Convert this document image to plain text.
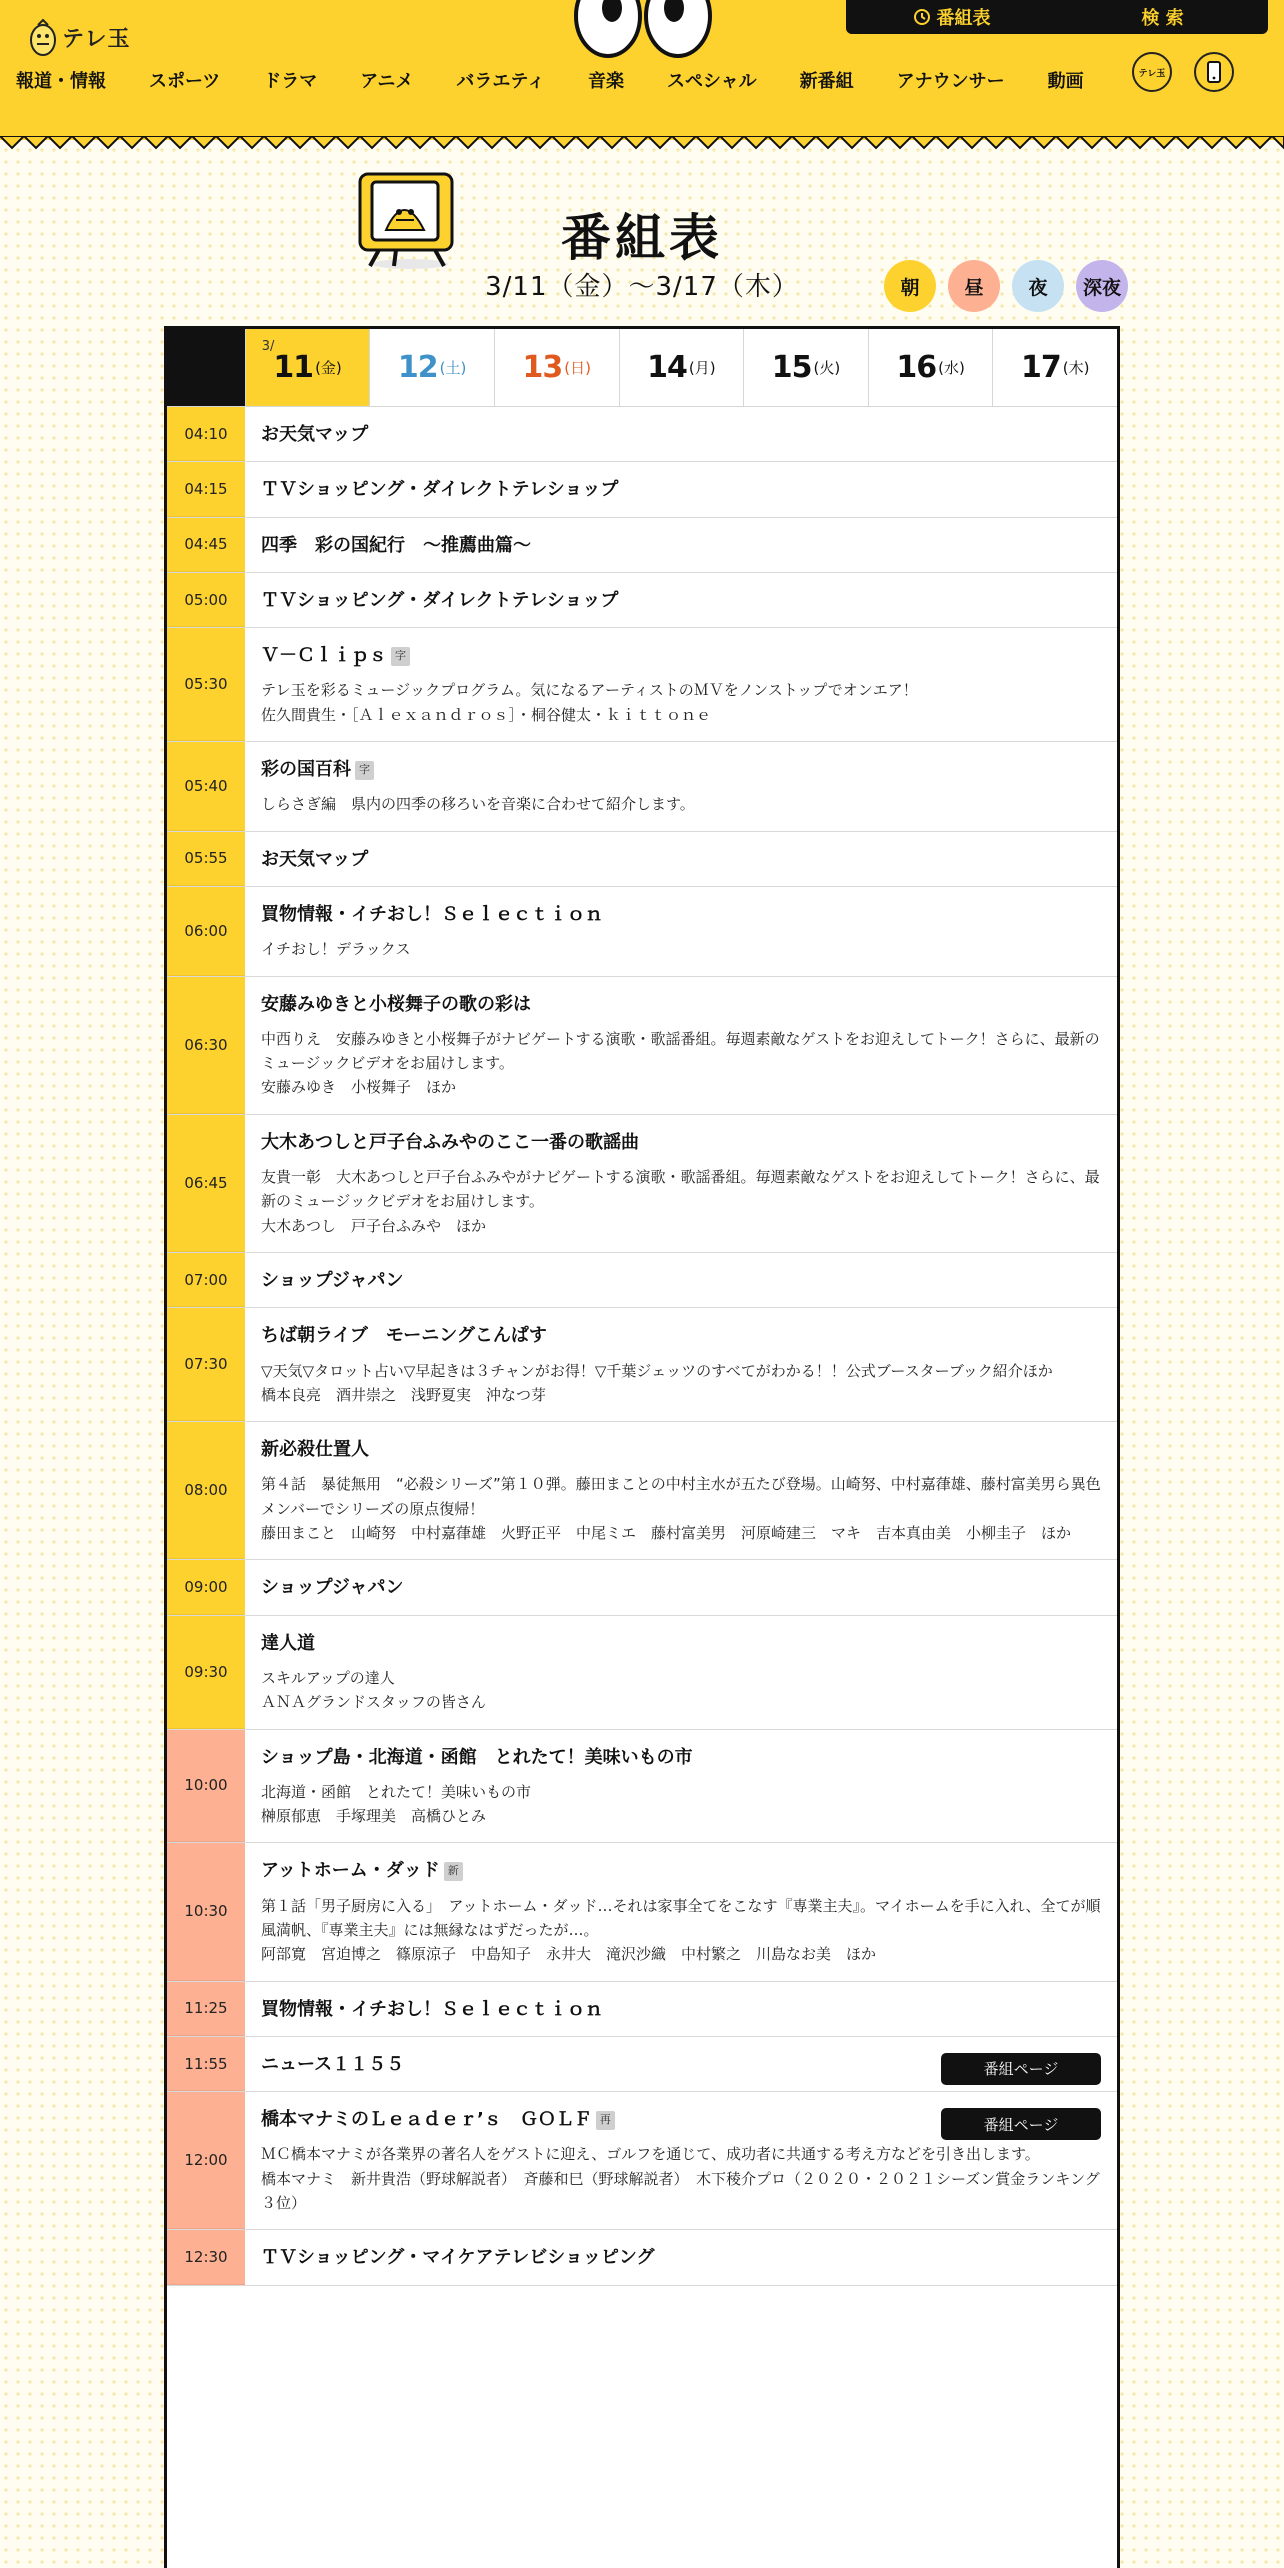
テレ玉
番組表	検 索
報道・情報 スポーツ ドラマ アニメ バラエティ 音楽 スペシャル 新番組 アナウンサー 動画	テレ玉
番組表
3/11（金）〜3/17（木）	朝	昼	夜	深夜
3/
11 (金) 12 (土) 13 (日) 14 (月) 15 (火) 16 (水) 17 (木)
04:10	お天気マップ
04:15	ＴＶショッピング・ダイレクトテレショップ
04:45	四季　彩の国紀行　～推薦曲篇～
05:00	ＴＶショッピング・ダイレクトテレショップ
05:30
Ｖ－Ｃｌｉｐｓ 字
テレ玉を彩るミュージックプログラム。気になるアーティストのＭＶをノンストップでオンエア！
佐久間貴生・［Ａｌｅｘａｎｄｒｏｓ］・桐谷健太・ｋｉｔｔｏｎｅ
05:40
彩の国百科 字
しらさぎ編　県内の四季の移ろいを音楽に合わせて紹介します。
05:55	お天気マップ
06:00
買物情報・イチおし！Ｓｅｌｅｃｔｉｏｎ
イチおし！デラックス
06:30
安藤みゆきと小桜舞子の歌の彩は
中西りえ　安藤みゆきと小桜舞子がナビゲートする演歌・歌謡番組。毎週素敵なゲストをお迎えしてトーク！さらに、最新のミュージックビデオをお届けします。
安藤みゆき　小桜舞子　ほか
06:45
大木あつしと戸子台ふみやのここ一番の歌謡曲
友貴一彰　大木あつしと戸子台ふみやがナビゲートする演歌・歌謡番組。毎週素敵なゲストをお迎えしてトーク！さらに、最新のミュージックビデオをお届けします。
大木あつし　戸子台ふみや　ほか
07:00	ショップジャパン
07:30
ちば朝ライブ　モーニングこんぱす
▽天気▽タロット占い▽早起きは３チャンがお得！▽千葉ジェッツのすべてがわかる！！公式ブースターブック紹介ほか
橋本良亮　酒井崇之　浅野夏実　沖なつ芽
08:00
新必殺仕置人
第４話　暴徒無用　“必殺シリーズ”第１０弾。藤田まことの中村主水が五たび登場。山崎努、中村嘉葎雄、藤村富美男ら異色メンバーでシリーズの原点復帰！
藤田まこと　山崎努　中村嘉葎雄　火野正平　中尾ミエ　藤村富美男　河原崎建三　マキ　吉本真由美　小柳圭子　ほか
09:00	ショップジャパン
09:30
達人道
スキルアップの達人
ＡＮＡグランドスタッフの皆さん
10:00
ショップ島・北海道・函館　とれたて！美味いもの市
北海道・函館　とれたて！美味いもの市
榊原郁恵　手塚理美　高橋ひとみ
10:30
アットホーム・ダッド 新
第１話「男子厨房に入る」　アットホーム・ダッド…それは家事全てをこなす『専業主夫』。マイホームを手に入れ、全てが順風満帆、『専業主夫』には無縁なはずだったが…。
阿部寛　宮迫博之　篠原涼子　中島知子　永井大　滝沢沙織　中村繁之　川島なお美　ほか
11:25	買物情報・イチおし！Ｓｅｌｅｃｔｉｏｎ
11:55	ニュース１１５５	番組ページ
12:00
橋本マナミのＬｅａｄｅｒ’ｓ　ＧＯＬＦ 再
ＭＣ橋本マナミが各業界の著名人をゲストに迎え、ゴルフを通じて、成功者に共通する考え方などを引き出します。
橋本マナミ　新井貴浩（野球解説者）　斉藤和巳（野球解説者）　木下稜介プロ（２０２０・２０２１シーズン賞金ランキング３位）
番組ページ
12:30	ＴＶショッピング・マイケアテレビショッピング
